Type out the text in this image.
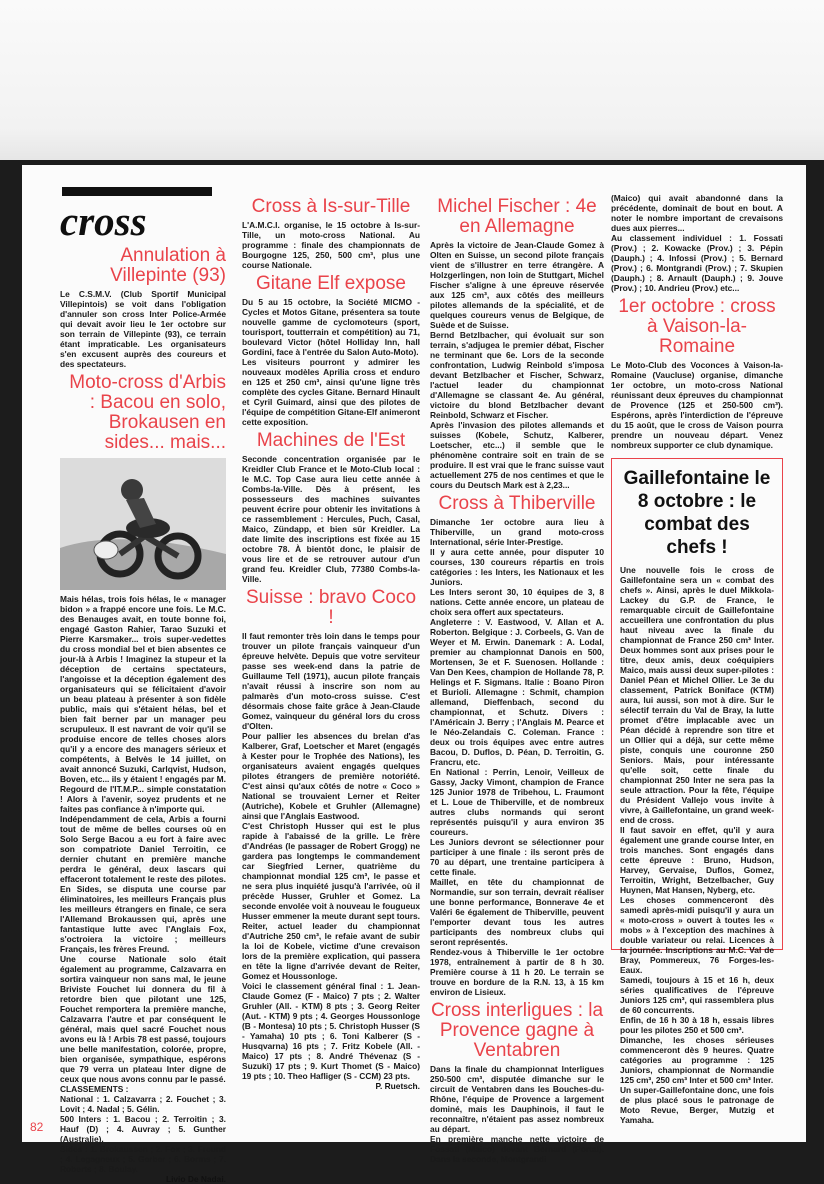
cross
Annulation à Villepinte (93)

Le C.S.M.V. (Club Sportif Municipal Villepintois) se voit dans l'obligation d'annuler son cross Inter Police-Armée qui devait avoir lieu le 1er octobre sur son terrain de Villepinte (93), ce terrain étant impraticable. Les organisateurs s'en excusent auprès des coureurs et des spectateurs.

Moto-cross d'Arbis : Bacou en solo, Brokausen en sides... mais...

Mais hélas, trois fois hélas, le « manager bidon » a frappé encore une fois. Le M.C. des Benauges avait, en toute bonne foi, engagé Gaston Rahier, Tarao Suzuki et Pierre Karsmaker... trois super-vedettes du cross mondial bel et bien absentes ce jour-là à Arbis ! Imaginez la stupeur et la déception de certains spectateurs, l'angoisse et la déception également des organisateurs qui se félicitaient d'avoir un beau plateau à présenter à son fidèle public, mais qui s'étaient hélas, bel et bien fait berner par un manager peu scrupuleux. Il est navrant de voir qu'il se produise encore de telles choses alors qu'il y a encore des managers sérieux et compétents, à Belvès le 14 juillet, on avait annoncé Suzuki, Carlqvist, Hudson, Boven, etc... ils y étaient ! engagés par M. Regourd de l'IT.M.P... simple constatation ! Alors à l'avenir, soyez prudents et ne faites pas confiance à n'importe qui.

Indépendamment de cela, Arbis a fourni tout de même de belles courses où en Solo Serge Bacou a eu fort à faire avec son compatriote Daniel Terroitin, ce dernier chutant en première manche perdra le général, deux lascars qui effaceront totalement le reste des pilotes. En Sides, se disputa une course par éliminatoires, les meilleurs Français plus les meilleurs étrangers en finale, ce sera l'Allemand Brokaussen qui, après une fantastique lutte avec l'Anglais Fox, s'octroiera la victoire ; meilleurs Français, les frères Freund.

Une course Nationale solo était également au programme, Calzavarra en sortira vainqueur non sans mal, le jeune Briviste Fouchet lui donnera du fil à retordre bien que pilotant une 125, Fouchet remportera la première manche, Calzavarra l'autre et par conséquent le général, mais quel sacré Fouchet nous avons eu là ! Arbis 78 est passé, toujours une belle manifestation, colorée, propre, bien organisée, sympathique, espérons que 79 verra un plateau Inter digne de ceux que nous avons connu par le passé.

CLASSEMENTS :

National : 1. Calzavarra ; 2. Fouchet ; 3. Lovit ; 4. Nadal ; 5. Gélin.

500 Inters : 1. Bacou ; 2. Terroitin ; 3. Hauf (D) ; 4. Auvray ; 5. Gunther (Australie).

Sides : 1. Brokaussen ; 2. Fox ; 3. Freund ; 4. Legagneux ; 5. Gerber ; 6. Borms ; 7. Roberts ; 8. Boulay.

Livio De Nadai.

Cross à Is-sur-Tille

L'A.M.C.I. organise, le 15 octobre à Is-sur-Tille, un moto-cross National. Au programme : finale des championnats de Bourgogne 125, 250, 500 cm³, plus une course Nationale.

Gitane Elf expose

Du 5 au 15 octobre, la Société MICMO - Cycles et Motos Gitane, présentera sa toute nouvelle gamme de cyclomoteurs (sport, tourisport, toutterrain et compétition) au 71, boulevard Victor (hôtel Holliday Inn, hall Gordini, face à l'entrée du Salon Auto-Moto).

Les visiteurs pourront y admirer les nouveaux modèles Aprilia cross et enduro en 125 et 250 cm³, ainsi qu'une ligne très complète des cycles Gitane. Bernard Hinault et Cyril Guimard, ainsi que des pilotes de l'équipe de compétition Gitane-Elf animeront cette exposition.

Machines de l'Est

Seconde concentration organisée par le Kreidler Club France et le Moto-Club local : le M.C. Top Case aura lieu cette année à Combs-la-Ville. Dès à présent, les possesseurs des machines suivantes peuvent écrire pour obtenir les invitations à ce rassemblement : Hercules, Puch, Casal, Maico, Zündapp, et bien sûr Kreidler. La date limite des inscriptions est fixée au 15 octobre 78. À bientôt donc, le plaisir de vous lire et de se retrouver autour d'un grand feu. Kreidler Club, 77380 Combs-la-Ville.

Suisse : bravo Coco !

Il faut remonter très loin dans le temps pour trouver un pilote français vainqueur d'un épreuve helvète. Depuis que votre serviteur passe ses week-end dans la patrie de Guillaume Tell (1971), aucun pilote français n'avait réussi à inscrire son nom au palmarès d'un moto-cross suisse. C'est désormais chose faite grâce à Jean-Claude Gomez, vainqueur du général lors du cross d'Olten.

Pour pallier les absences du brelan d'as Kalberer, Graf, Loetscher et Maret (engagés à Kester pour le Trophée des Nations), les organisateurs avaient engagés quelques pilotes étrangers de première notoriété. C'est ainsi qu'aux côtés de notre « Coco » National se trouvaient Lerner et Reiter (Autriche), Kobele et Gruhler (Allemagne) ainsi que l'Anglais Eastwood.

C'est Christoph Husser qui est le plus rapide à l'abaissé de la grille. Le frère d'Andréas (le passager de Robert Grogg) ne gardera pas longtemps le commandement car Siegfried Lerner, quatrième du championnat mondial 125 cm³, le passe et ne sera plus inquiété jusqu'à l'arrivée, où il précède Husser, Gruhler et Gomez. La seconde envolée voit à nouveau le fougueux Husser emmener la meute durant sept tours. Reiter, actuel leader du championnat d'Autriche 250 cm³, le refaie avant de subir la loi de Kobele, victime d'une crevaison lors de la première explication, qui passera en tête la ligne d'arrivée devant de Reiter, Gomez et Houssonloge.

Voici le classement général final : 1. Jean-Claude Gomez (F - Maico) 7 pts ; 2. Walter Gruhler (All. - KTM) 8 pts ; 3. Georg Reiter (Aut. - KTM) 9 pts ; 4. Georges Houssonloge (B - Montesa) 10 pts ; 5. Christoph Husser (S - Yamaha) 10 pts ; 6. Toni Kalberer (S - Husqvarna) 16 pts ; 7. Fritz Kobele (All. - Maico) 17 pts ; 8. André Thévenaz (S - Suzuki) 17 pts ; 9. Kurt Thomet (S - Maico) 19 pts ; 10. Theo Hafliger (S - CCM) 23 pts.

P. Ruetsch.

Michel Fischer : 4e en Allemagne

Après la victoire de Jean-Claude Gomez à Olten en Suisse, un second pilote français vient de s'illustrer en terre étrangère. A Holzgerlingen, non loin de Stuttgart, Michel Fischer s'aligne à une épreuve réservée aux 125 cm³, aux côtés des meilleurs pilotes allemands de la spécialité, et de quelques coureurs venus de Belgique, de Suède et de Suisse.

Bernd Betzlbacher, qui évoluait sur son terrain, s'adjugea le premier débat, Fischer ne terminant que 6e. Lors de la seconde confrontation, Ludwig Reinbold s'imposa devant Betzlbacher et Fischer, Schwarz, l'actuel leader du championnat d'Allemagne se classant 4e. Au général, victoire du blond Betzlbacher devant Reinbold, Schwarz et Fischer.

Après l'invasion des pilotes allemands et suisses (Kobele, Schutz, Kalberer, Loetscher, etc...) il semble que le phénomène contraire soit en train de se produire. Il est vrai que le franc suisse vaut actuellement 275 de nos centimes et que le cours du Deutsch Mark est à 2,23...

Cross à Thiberville

Dimanche 1er octobre aura lieu à Thiberville, un grand moto-cross International, série Inter-Prestige.

Il y aura cette année, pour disputer 10 courses, 130 coureurs répartis en trois catégories : les Inters, les Nationaux et les Juniors.

Les Inters seront 30, 10 équipes de 3, 8 nations. Cette année encore, un plateau de choix sera offert aux spectateurs.

Angleterre : V. Eastwood, V. Allan et A. Roberton. Belgique : J. Corbeels, G. Van de Weyer et M. Erwin. Danemark : A. Lodal, premier au championnat Danois en 500, Mortensen, 3e et F. Suenosen. Hollande : Van Den Kees, champion de Hollande 78, P. Helings et F. Sigmans. Italie : Boano Piron et Burioli. Allemagne : Schmit, champion allemand, Dieffenbach, second du championnat, et Schutz. Divers : l'Américain J. Berry ; l'Anglais M. Pearce et le Néo-Zelandais C. Coleman. France : deux ou trois équipes avec entre autres Bacou, D. Duflos, D. Péan, D. Terroitin, G. Francru, etc.

En National : Perrin, Lenoir, Veilleux de Gassy, Jacky Vimont, champion de France 125 Junior 1978 de Tribehou, L. Fraumont et L. Loue de Thiberville, et de nombreux autres clubs normands qui seront représentés puisqu'il y aura environ 35 coureurs.

Les Juniors devront se sélectionner pour participer à une finale : ils seront près de 70 au départ, une trentaine participera à cette finale.

Maillet, en tête du championnat de Normandie, sur son terrain, devrait réaliser une bonne performance, Bonnerave 4e et Valéri 6e également de Thiberville, peuvent l'emporter devant tous les autres participants des nombreux clubs qui seront représentés.

Rendez-vous à Thiberville le 1er octobre 1978, entraînement à partir de 8 h 30. Première course à 11 h 20. Le terrain se trouve en bordure de la R.N. 13, à 15 km environ de Lisieux.

Cross interligues : la Provence gagne à Ventabren

Dans la finale du championnat Interligues 250-500 cm³, disputée dimanche sur le circuit de Ventabren dans les Bouches-du-Rhône, l'équipe de Provence a largement dominé, mais les Dauphinois, il faut le reconnaître, n'étaient pas assez nombreux au départ.

En première manche nette victoire de Fossati (Maico) devant Bernard (Portal). Dans la seconde, Montgrandi

(Maico) qui avait abandonné dans la précédente, dominait de bout en bout. A noter le nombre important de crevaisons dues aux pierres...

Au classement individuel : 1. Fossati (Prov.) ; 2. Kowacke (Prov.) ; 3. Pépin (Dauph.) ; 4. Infossi (Prov.) ; 5. Bernard (Prov.) ; 6. Montgrandi (Prov.) ; 7. Skupien (Dauph.) ; 8. Arnault (Dauph.) ; 9. Jouve (Prov.) ; 10. Andrieu (Prov.) etc...

1er octobre : cross à Vaison-la-Romaine

Le Moto-Club des Voconces à Vaison-la-Romaine (Vaucluse) organise, dimanche 1er octobre, un moto-cross National réunissant deux épreuves du championnat de Provence (125 et 250-500 cm³). Espérons, après l'interdiction de l'épreuve du 15 août, que le cross de Vaison pourra prendre un nouveau départ. Venez nombreux supporter ce club dynamique.

Gaillefontaine le 8 octobre : le combat des chefs !

Une nouvelle fois le cross de Gaillefontaine sera un « combat des chefs ». Ainsi, après le duel Mikkola-Lackey du G.P. de France, le remarquable circuit de Gaillefontaine accueillera une confrontation du plus haut niveau avec la finale du championnat de France 250 cm³ Inter. Deux hommes sont aux prises pour le titre, deux amis, deux coéquipiers Maico, mais aussi deux super-pilotes : Daniel Péan et Michel Ollier. Le 3e du classement, Patrick Boniface (KTM) aura, lui aussi, son mot à dire. Sur le sélectif terrain du Val de Bray, la lutte promet d'être implacable avec un Péan décidé à reprendre son titre et un Ollier qui a déjà, sur cette même piste, conquis une couronne 250 Seniors. Mais, pour intéressante qu'elle soit, cette finale du championnat 250 Inter ne sera pas la seule attraction. Pour la fête, l'équipe du Président Vallejo vous invite à vivre, à Gaillefontaine, un grand week-end de cross.

Il faut savoir en effet, qu'il y aura également une grande course Inter, en trois manches. Sont engagés dans cette épreuve : Bruno, Hudson, Harvey, Gervaise, Duflos, Gomez, Terroitin, Wright, Betzelbacher, Guy Huynen, Mat Hansen, Nyberg, etc.

Les choses commenceront dès samedi après-midi puisqu'il y aura un « moto-cross » ouvert à toutes les « mobs » à l'exception des machines à double variateur ou relai. Licences à la journée. Inscriptions au M.C. Val de Bray, Pommereux, 76 Forges-les-Eaux.

Samedi, toujours à 15 et 16 h, deux séries qualificatives de l'épreuve Juniors 125 cm³, qui rassemblera plus de 60 concurrents.

Enfin, de 16 h 30 à 18 h, essais libres pour les pilotes 250 et 500 cm³.

Dimanche, les choses sérieuses commenceront dès 9 heures. Quatre catégories au programme : 125 Juniors, championnat de Normandie 125 cm³, 250 cm³ Inter et 500 cm³ Inter.

Un super-Gaillefontaine donc, une fois de plus placé sous le patronage de Moto Revue, Berger, Mutzig et Yamaha.

82
